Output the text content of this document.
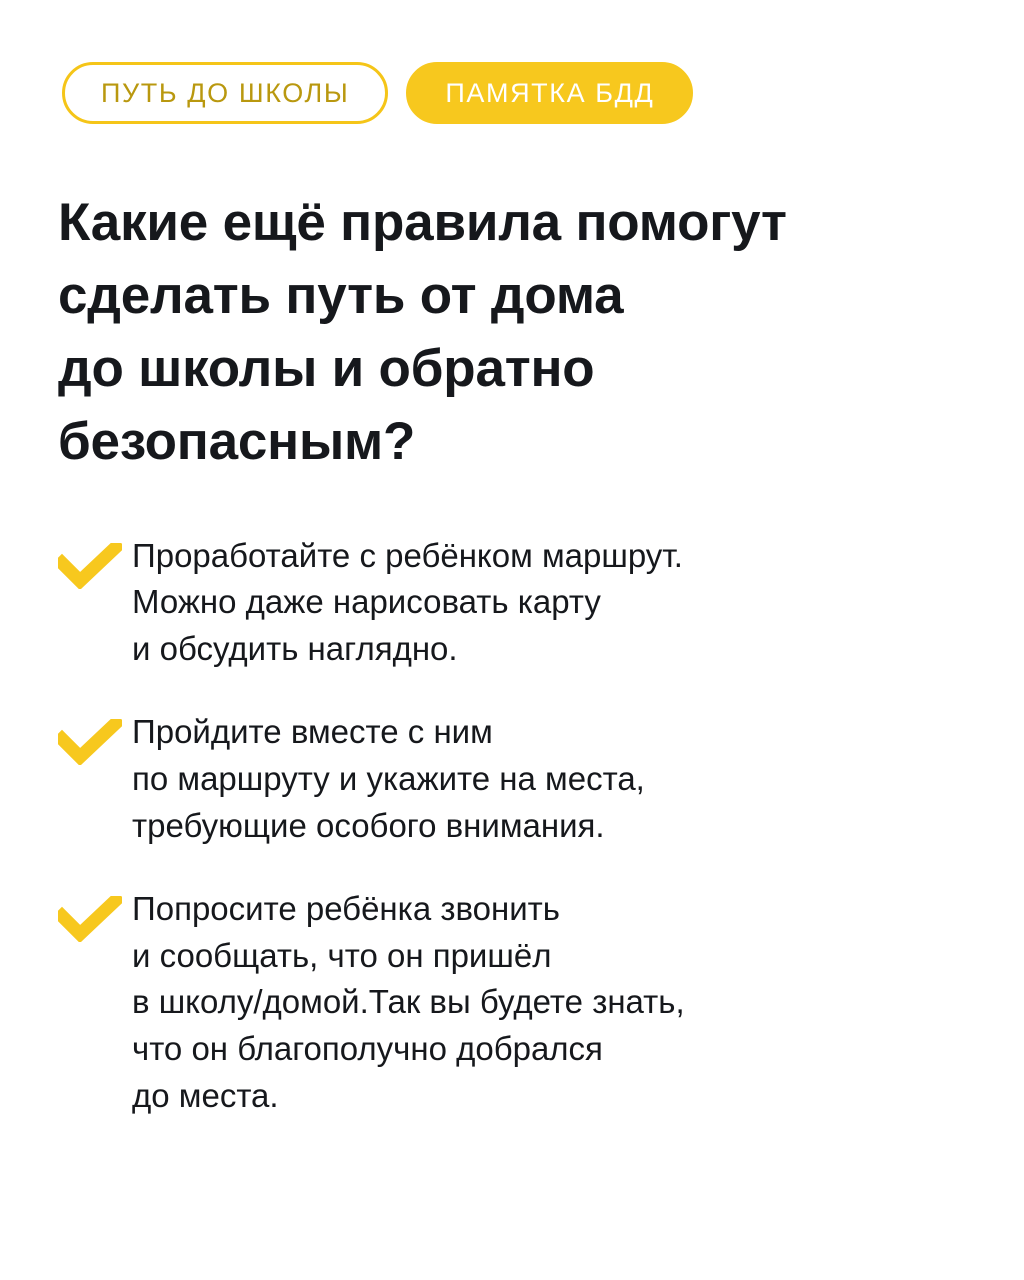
ПУТЬ ДО ШКОЛЫ	ПАМЯТКА БДД
Какие ещё правила помогут
сделать путь от дома
до школы и обратно
безопасным?
Проработайте с ребёнком маршрут.
Можно даже нарисовать карту
и обсудить наглядно.
Пройдите вместе с ним
по маршруту и укажите на места,
требующие особого внимания.
Попросите ребёнка звонить
и сообщать, что он пришёл
в школу/домой.Так вы будете знать,
что он благополучно добрался
до места.
